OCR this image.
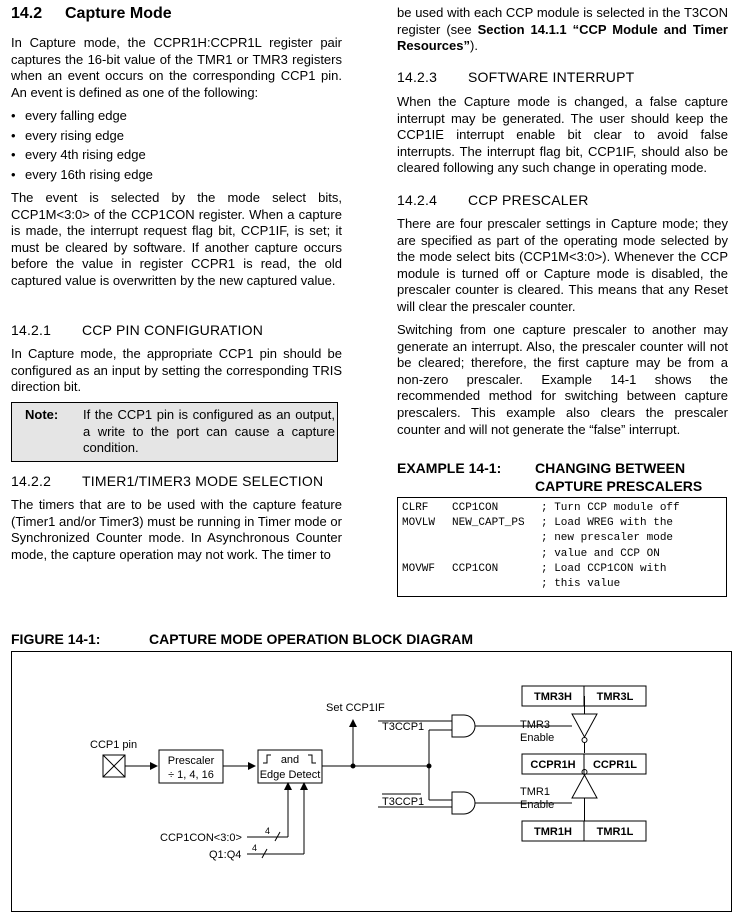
14.2 Capture Mode

In Capture mode, the CCPR1H:CCPR1L register pair captures the 16-bit value of the TMR1 or TMR3 registers when an event occurs on the corresponding CCP1 pin. An event is defined as one of the following:

• every falling edge
• every rising edge
• every 4th rising edge
• every 16th rising edge

The event is selected by the mode select bits, CCP1M<3:0> of the CCP1CON register. When a capture is made, the interrupt request flag bit, CCP1IF, is set; it must be cleared by software. If another capture occurs before the value in register CCPR1 is read, the old captured value is overwritten by the new captured value.

14.2.1 CCP PIN CONFIGURATION

In Capture mode, the appropriate CCP1 pin should be configured as an input by setting the corresponding TRIS direction bit.

Note: If the CCP1 pin is configured as an output, a write to the port can cause a capture condition.
14.2.2 TIMER1/TIMER3 MODE SELECTION

The timers that are to be used with the capture feature (Timer1 and/or Timer3) must be running in Timer mode or Synchronized Counter mode. In Asynchronous Counter mode, the capture operation may not work. The timer to

be used with each CCP module is selected in the T3CON register (see Section 14.1.1 “CCP Module and Timer Resources”).

14.2.3 SOFTWARE INTERRUPT

When the Capture mode is changed, a false capture interrupt may be generated. The user should keep the CCP1IE interrupt enable bit clear to avoid false interrupts. The interrupt flag bit, CCP1IF, should also be cleared following any such change in operating mode.

14.2.4 CCP PRESCALER

There are four prescaler settings in Capture mode; they are specified as part of the operating mode selected by the mode select bits (CCP1M<3:0>). Whenever the CCP module is turned off or Capture mode is disabled, the prescaler counter is cleared. This means that any Reset will clear the prescaler counter.

Switching from one capture prescaler to another may generate an interrupt. Also, the prescaler counter will not be cleared; therefore, the first capture may be from a non-zero prescaler. Example 14-1 shows the recommended method for switching between capture prescalers. This example also clears the prescaler counter and will not generate the “false” interrupt.

EXAMPLE 14-1: CHANGING BETWEEN CAPTURE PRESCALERS
CLRF	CCP1CON	; Turn CCP module off
MOVLW	NEW_CAPT_PS	; Load WREG with the
; new prescaler mode
; value and CCP ON
MOVWF	CCP1CON	; Load CCP1CON with
; this value
FIGURE 14-1:	CAPTURE MODE OPERATION BLOCK DIAGRAM
CCP1 pin
Prescaler
÷ 1, 4, 16
and
Edge Detect
Set CCP1IF
T3CCP1
T3CCP1
TMR3
Enable
TMR1
Enable
CCP1CON<3:0>
Q1:Q4
4
4
TMR3H TMR3L
CCPR1H CCPR1L
TMR1H TMR1L
